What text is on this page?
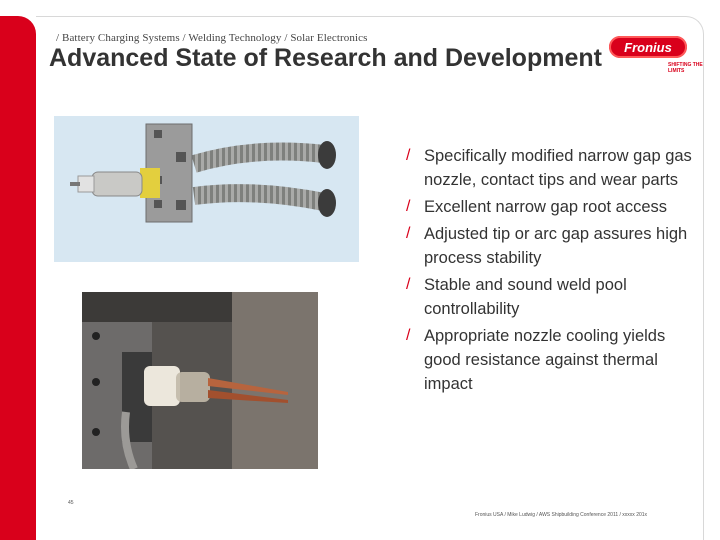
/ Battery Charging Systems / Welding Technology / Solar Electronics
Advanced State of Research and Development Fronius
SHIFTING THE LIMITS
/ Specifically modified narrow gap gas nozzle, contact tips and wear parts
/ Excellent narrow gap root access
/ Adjusted tip or arc gap assures high process stability
/ Stable and sound weld pool controllability
/ Appropriate nozzle cooling yields good resistance against thermal impact
45
Fronius USA / Mike Ludwig / AWS Shipbuilding Conference 2011 / xxxxx 201x
